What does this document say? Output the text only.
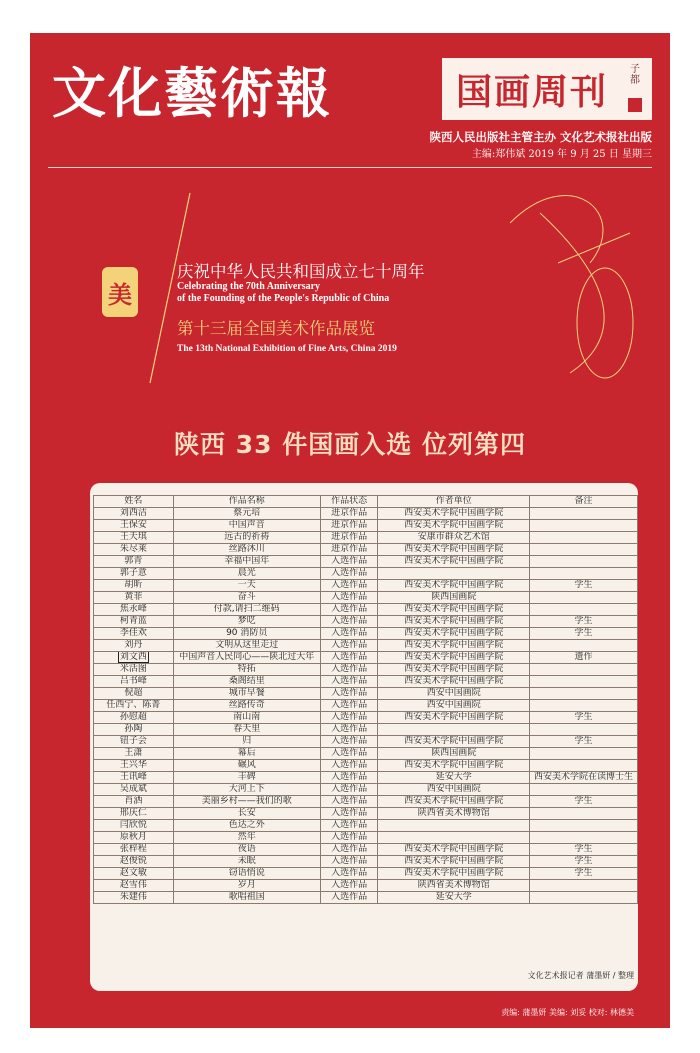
文化藝術報	国画周刊
子都
陕西人民出版社主管主办 文化艺术报社出版
主编:郑伟斌 2019 年 9 月 25 日 星期三
美
庆祝中华人民共和国成立七十周年
Celebrating the 70th Anniversary
of the Founding of the People's Republic of China
第十三届全国美术作品展览
The 13th National Exhibition of Fine Arts, China 2019
陕西 33 件国画入选 位列第四
姓名	作品名称	作品状态	作者单位	备注
刘西洁	蔡元培	进京作品	西安美术学院中国画学院	
王保安	中国声音	进京作品	西安美术学院中国画学院	
王天琪	远古的祈祷	进京作品	安康市群众艺术馆	
朱尽莱	丝路沐川	进京作品	西安美术学院中国画学院	
郭青	幸福中国年	入选作品	西安美术学院中国画学院	
郭子意	晨光	入选作品		
胡昕	一天	入选作品	西安美术学院中国画学院	学生
黄菲	奋斗	入选作品	陕西国画院	
焦永峰	付款,请扫二维码	入选作品	西安美术学院中国画学院	
柯青蓝	梦呓	入选作品	西安美术学院中国画学院	学生
李佳欢	90 消防员	入选作品	西安美术学院中国画学院	学生
刘丹	文明从这里走过	入选作品	西安美术学院中国画学院	
刘文西	中国声音人民同心——陕北过大年	入选作品	西安美术学院中国画学院	遗作
米活图	特拓	入选作品	西安美术学院中国画学院	
吕书峰	桑阁结里	入选作品	西安美术学院中国画学院	
倪超	城市早餐	入选作品	西安中国画院	
任西宁、陈菁	丝路传奇	入选作品	西安中国画院	
孙慰超	南山南	入选作品	西安美术学院中国画学院	学生
孙陶	春天里	入选作品		
钮子会	归	入选作品	西安美术学院中国画学院	学生
王潇	幕后	入选作品	陕西国画院	
王兴华	碾风	入选作品	西安美术学院中国画学院	
王讯峰	丰碑	入选作品	延安大学	西安美术学院在读博士生
吴成斌	大河上下	入选作品	西安中国画院	
肖洒	美丽乡村——我们的歌	入选作品	西安美术学院中国画学院	学生
邢庆仁	长安	入选作品	陕西省美术博物馆	
闫欣悦	色达之外	入选作品		
原秋月	然年	入选作品		
张梓程	夜语	入选作品	西安美术学院中国画学院	学生
赵俊锐	未眠	入选作品	西安美术学院中国画学院	学生
赵文敏	窃语悄说	入选作品	西安美术学院中国画学院	学生
赵雪伟	岁月	入选作品	陕西省美术博物馆	
朱建伟	歌唱祖国	入选作品	延安大学	
文化艺术报记者 蒲墨妍 / 整理
责编: 蒲墨妍 美编: 刘妥 校对: 林德美
